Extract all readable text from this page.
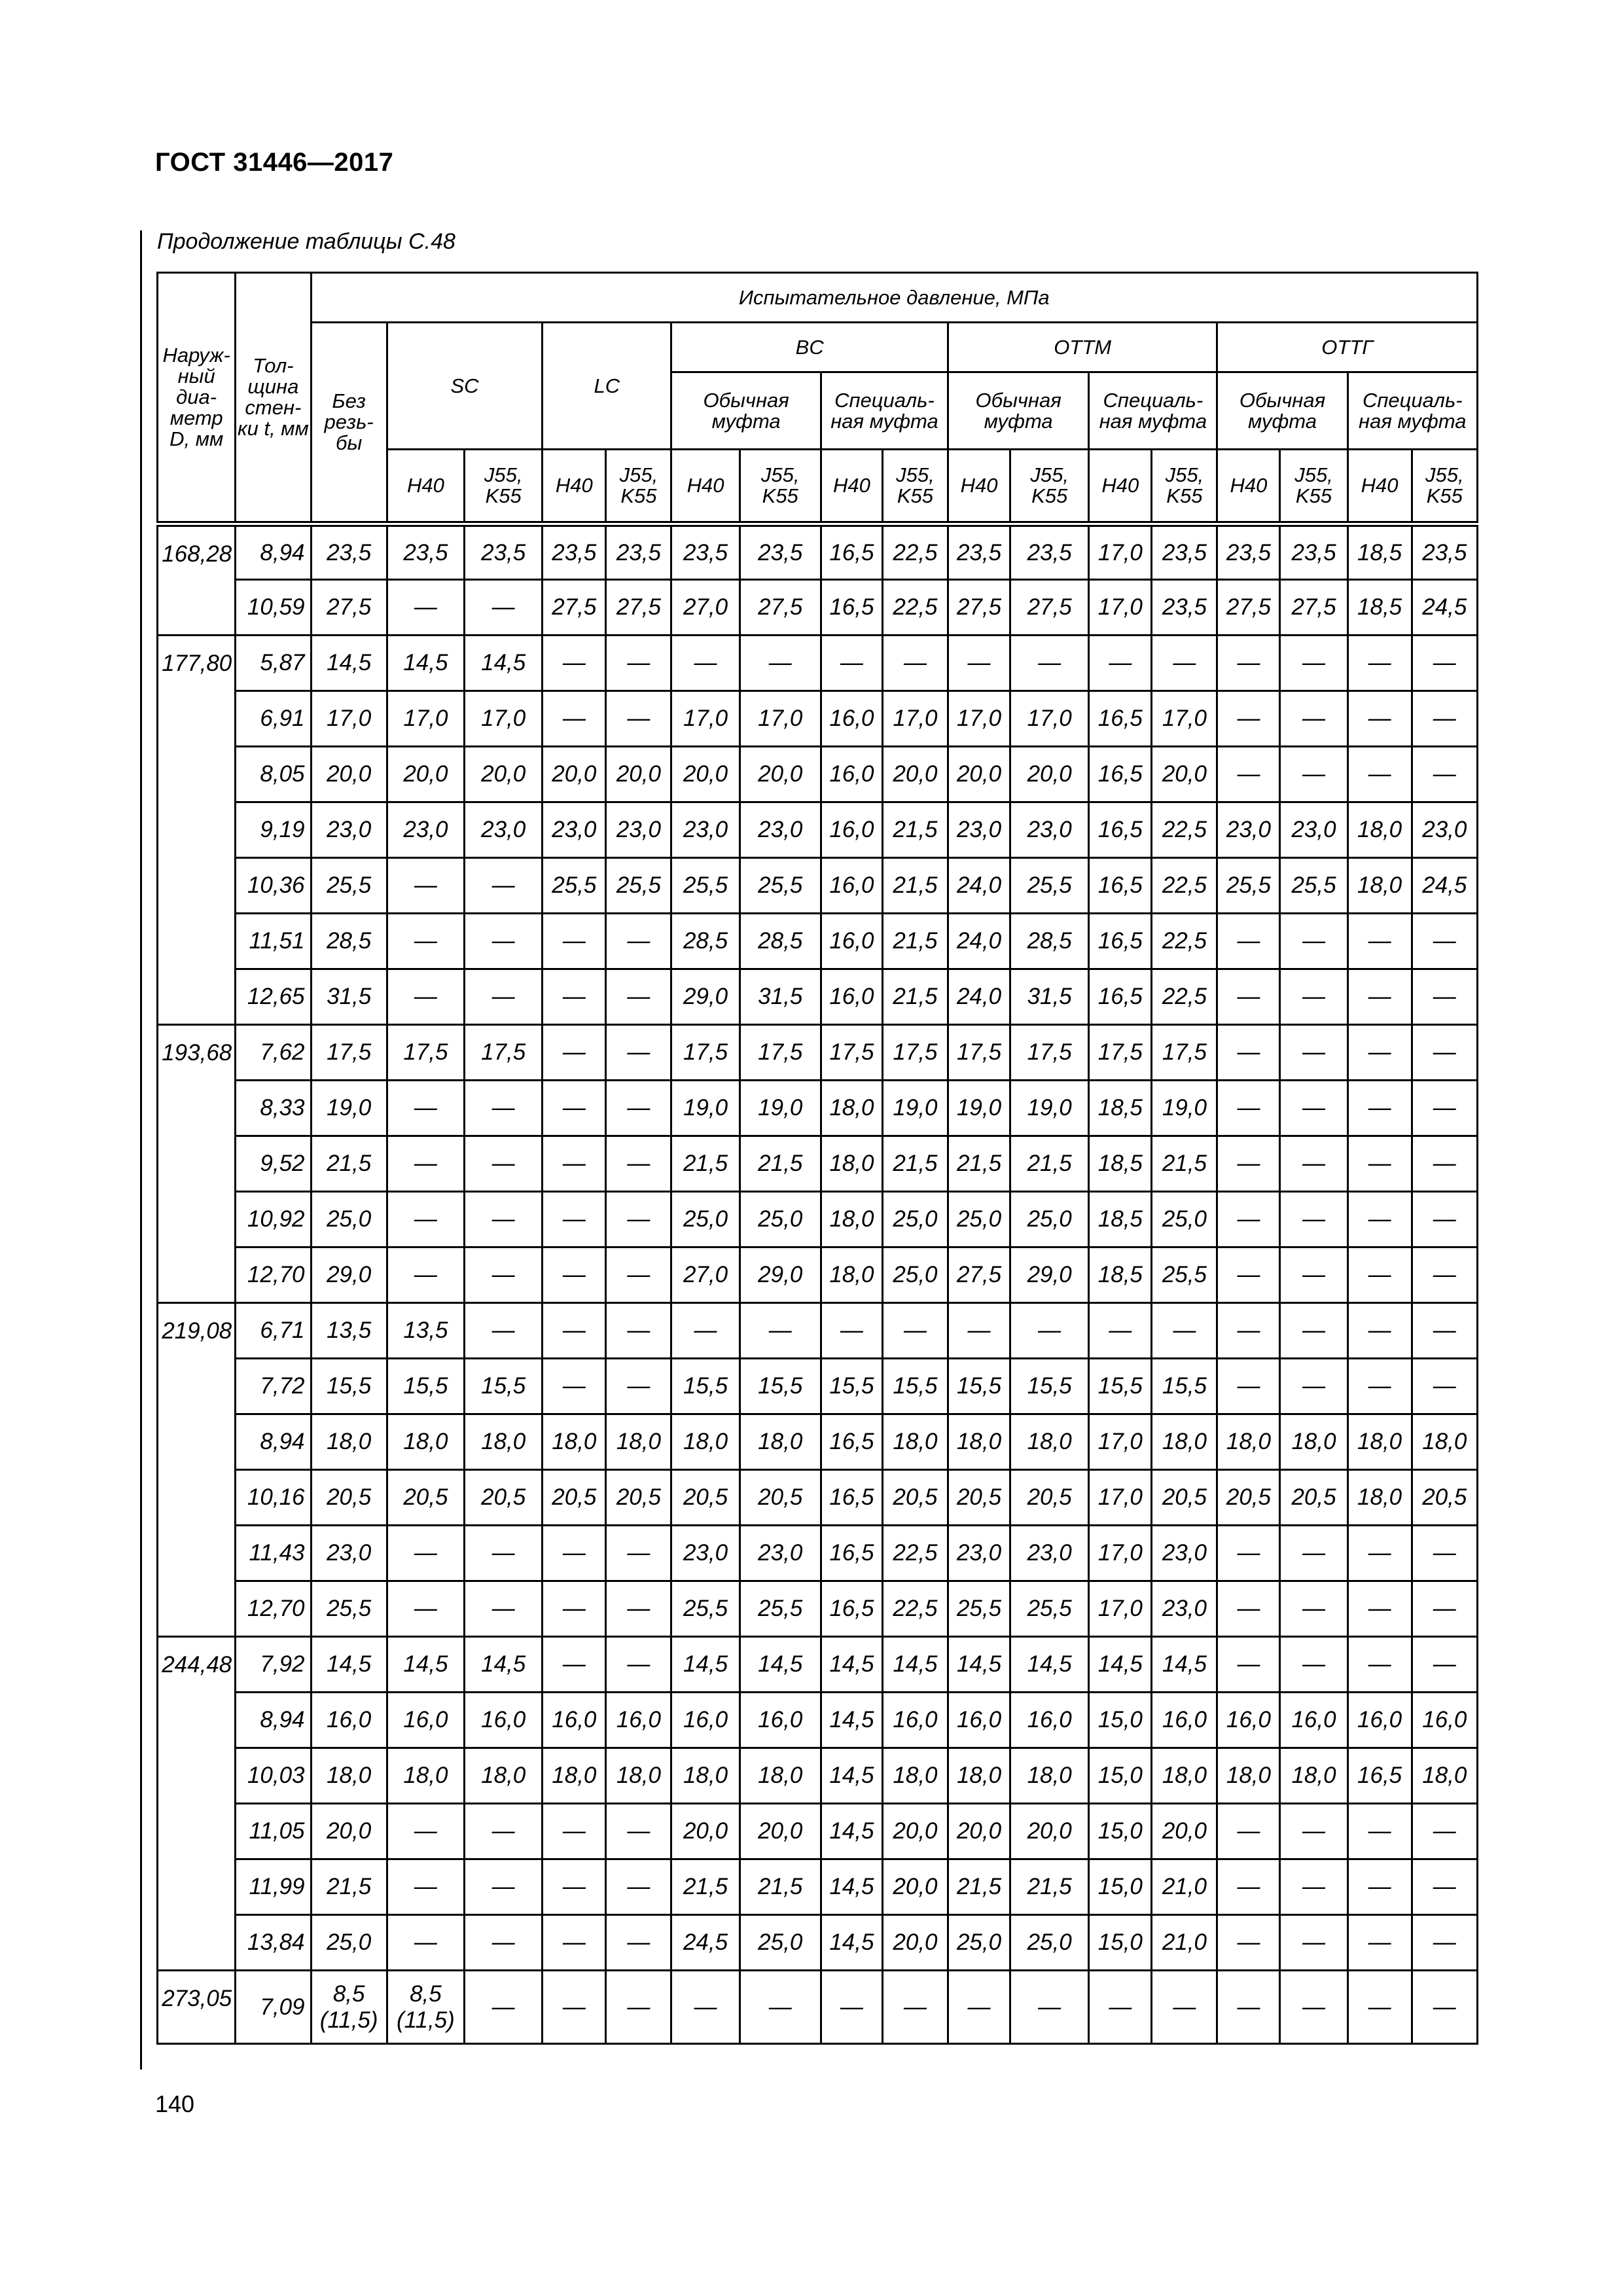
ГОСТ 31446—2017
Продолжение таблицы С.48
Наруж-ный диа-метр D, мм	Тол-щина стен-ки t, мм	Испытательное давление, МПа																
		Без резь-бы	SC		LC		BC				OTTM				OTTГ			
							Обычная муфта		Специаль-ная муфта		Обычная муфта		Специаль-ная муфта		Обычная муфта		Специаль-ная муфта	
			H40	J55, K55	H40	J55, K55	H40	J55, K55	H40	J55, K55	H40	J55, K55	H40	J55, K55	H40	J55, K55	H40	J55, K55
168,28	8,94	23,5	23,5	23,5	23,5	23,5	23,5	23,5	16,5	22,5	23,5	23,5	17,0	23,5	23,5	23,5	18,5	23,5
	10,59	27,5	—	—	27,5	27,5	27,0	27,5	16,5	22,5	27,5	27,5	17,0	23,5	27,5	27,5	18,5	24,5
177,80	5,87	14,5	14,5	14,5	—	—	—	—	—	—	—	—	—	—	—	—	—	—
	6,91	17,0	17,0	17,0	—	—	17,0	17,0	16,0	17,0	17,0	17,0	16,5	17,0	—	—	—	—
	8,05	20,0	20,0	20,0	20,0	20,0	20,0	20,0	16,0	20,0	20,0	20,0	16,5	20,0	—	—	—	—
	9,19	23,0	23,0	23,0	23,0	23,0	23,0	23,0	16,0	21,5	23,0	23,0	16,5	22,5	23,0	23,0	18,0	23,0
	10,36	25,5	—	—	25,5	25,5	25,5	25,5	16,0	21,5	24,0	25,5	16,5	22,5	25,5	25,5	18,0	24,5
	11,51	28,5	—	—	—	—	28,5	28,5	16,0	21,5	24,0	28,5	16,5	22,5	—	—	—	—
	12,65	31,5	—	—	—	—	29,0	31,5	16,0	21,5	24,0	31,5	16,5	22,5	—	—	—	—
193,68	7,62	17,5	17,5	17,5	—	—	17,5	17,5	17,5	17,5	17,5	17,5	17,5	17,5	—	—	—	—
	8,33	19,0	—	—	—	—	19,0	19,0	18,0	19,0	19,0	19,0	18,5	19,0	—	—	—	—
	9,52	21,5	—	—	—	—	21,5	21,5	18,0	21,5	21,5	21,5	18,5	21,5	—	—	—	—
	10,92	25,0	—	—	—	—	25,0	25,0	18,0	25,0	25,0	25,0	18,5	25,0	—	—	—	—
	12,70	29,0	—	—	—	—	27,0	29,0	18,0	25,0	27,5	29,0	18,5	25,5	—	—	—	—
219,08	6,71	13,5	13,5	—	—	—	—	—	—	—	—	—	—	—	—	—	—	—
	7,72	15,5	15,5	15,5	—	—	15,5	15,5	15,5	15,5	15,5	15,5	15,5	15,5	—	—	—	—
	8,94	18,0	18,0	18,0	18,0	18,0	18,0	18,0	16,5	18,0	18,0	18,0	17,0	18,0	18,0	18,0	18,0	18,0
	10,16	20,5	20,5	20,5	20,5	20,5	20,5	20,5	16,5	20,5	20,5	20,5	17,0	20,5	20,5	20,5	18,0	20,5
	11,43	23,0	—	—	—	—	23,0	23,0	16,5	22,5	23,0	23,0	17,0	23,0	—	—	—	—
	12,70	25,5	—	—	—	—	25,5	25,5	16,5	22,5	25,5	25,5	17,0	23,0	—	—	—	—
244,48	7,92	14,5	14,5	14,5	—	—	14,5	14,5	14,5	14,5	14,5	14,5	14,5	14,5	—	—	—	—
	8,94	16,0	16,0	16,0	16,0	16,0	16,0	16,0	14,5	16,0	16,0	16,0	15,0	16,0	16,0	16,0	16,0	16,0
	10,03	18,0	18,0	18,0	18,0	18,0	18,0	18,0	14,5	18,0	18,0	18,0	15,0	18,0	18,0	18,0	16,5	18,0
	11,05	20,0	—	—	—	—	20,0	20,0	14,5	20,0	20,0	20,0	15,0	20,0	—	—	—	—
	11,99	21,5	—	—	—	—	21,5	21,5	14,5	20,0	21,5	21,5	15,0	21,0	—	—	—	—
	13,84	25,0	—	—	—	—	24,5	25,0	14,5	20,0	25,0	25,0	15,0	21,0	—	—	—	—
273,05	7,09	8,5 (11,5)	8,5 (11,5)	—	—	—	—	—	—	—	—	—	—	—	—	—	—	—
140
